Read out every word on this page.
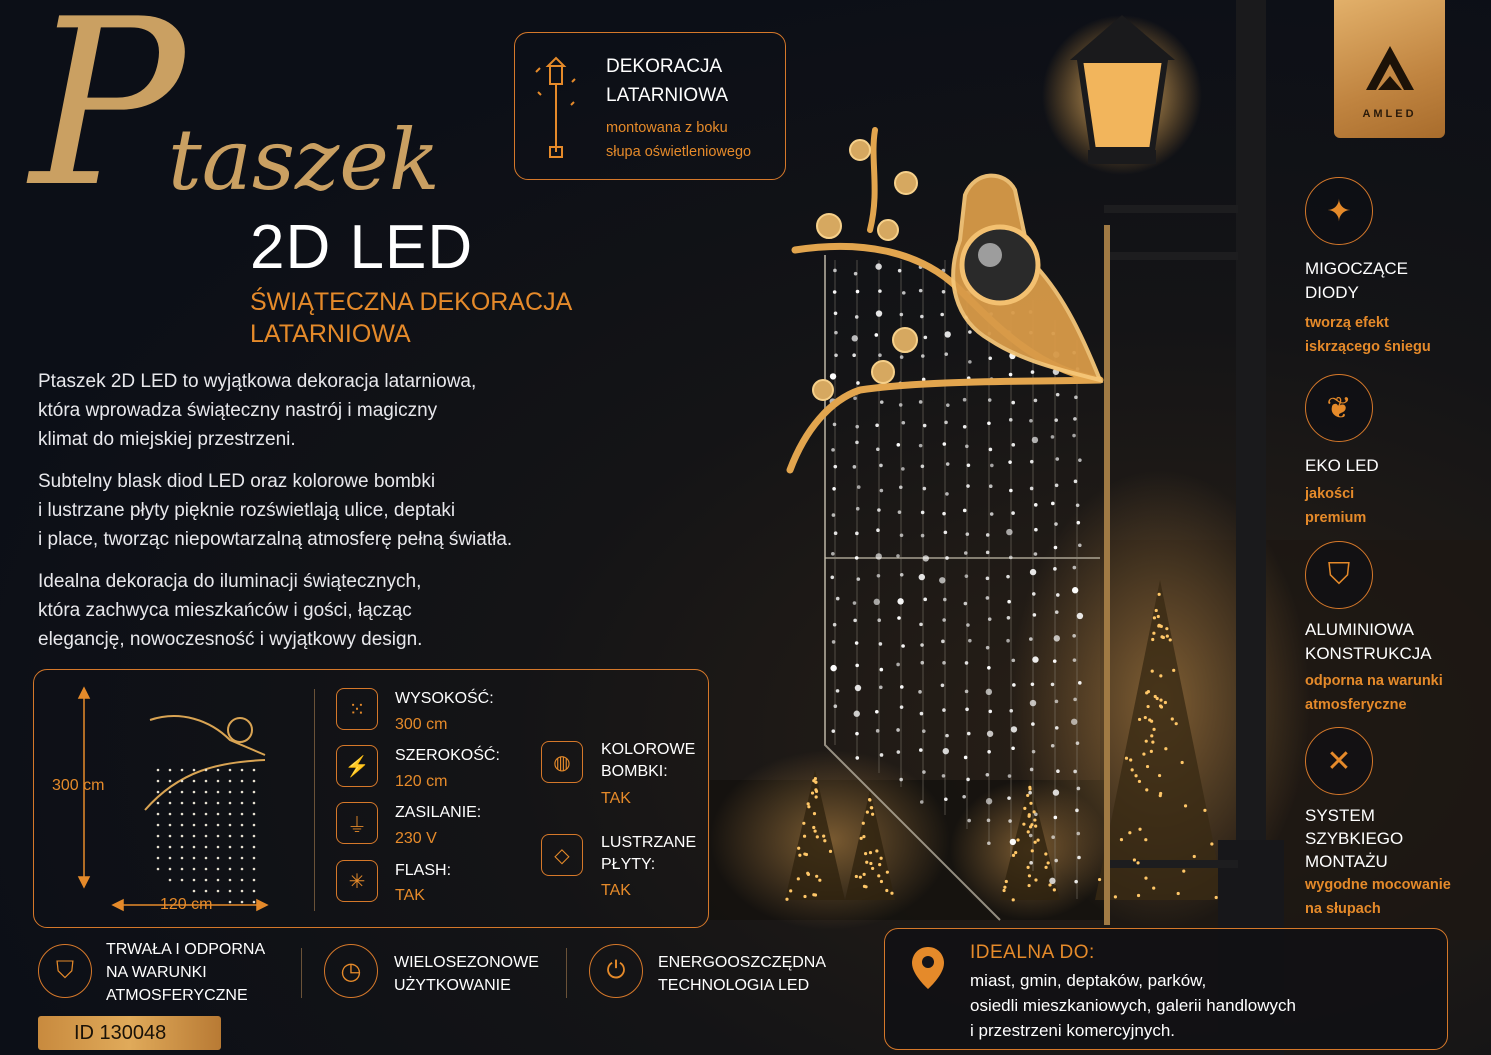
P
taszek
2D LED
ŚWIĄTECZNA DEKORACJA LATARNIOWA
Ptaszek 2D LED to wyjątkowa dekoracja latarniowa,
która wprowadza świąteczny nastrój i magiczny
klimat do miejskiej przestrzeni.
Subtelny blask diod LED oraz kolorowe bombki
i lustrzane płyty pięknie rozświetlają ulice, deptaki
i place, tworząc niepowtarzalną atmosferę pełną światła.
Idealna dekoracja do iluminacji świątecznych,
która zachwyca mieszkańców i gości, łącząc
elegancję, nowoczesność i wyjątkowy design.
DEKORACJA
LATARNIOWA
montowana z boku
słupa oświetleniowego
AMLED
300 cm
120 cm
⁙	WYSOKOŚĆ:
300 cm
⚡	SZEROKOŚĆ:
120 cm
⏚
ZASILANIE:
230 V
✳	FLASH:
TAK
◍
KOLOROWE
BOMBKI:
TAK
◇
LUSTRZANE
PŁYTY:
TAK
✦
MIGOCZĄCE
DIODY
tworzą efekt
iskrzącego śniegu
❦
EKO LED
jakości
premium
⛉
ALUMINIOWA
KONSTRUKCJA
odporna na warunki
atmosferyczne
✕
SYSTEM
SZYBKIEGO
MONTAŻU
wygodne mocowanie
na słupach
⛉
TRWAŁA I ODPORNA
NA WARUNKI
ATMOSFERYCZNE
◷	WIELOSEZONOWE
UŻYTKOWANIE
⏻	ENERGOOSZCZĘDNA
TECHNOLOGIA LED
ID 130048
IDEALNA DO:
miast, gmin, deptaków, parków,
osiedli mieszkaniowych, galerii handlowych
i przestrzeni komercyjnych.
